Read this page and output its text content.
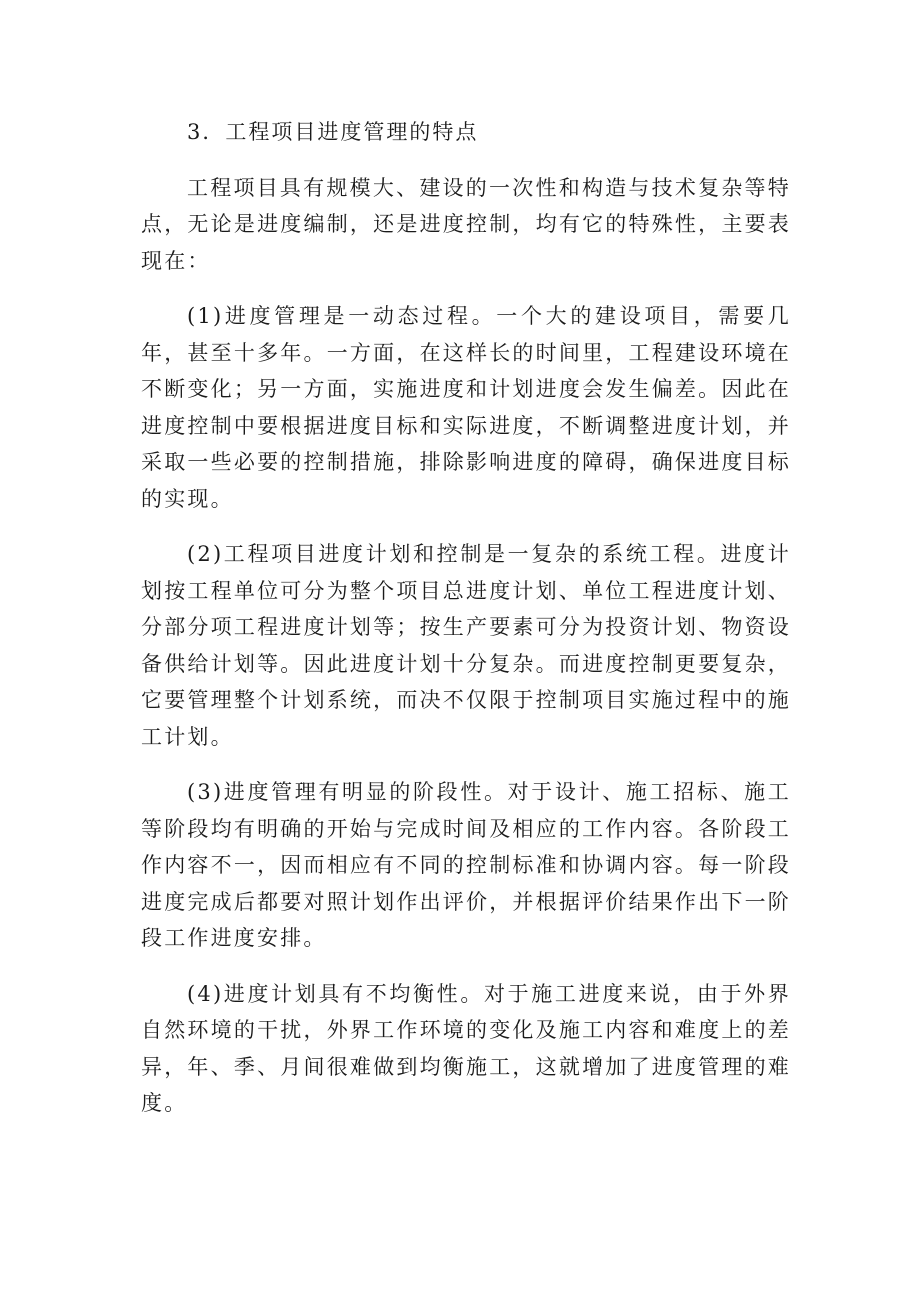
3．工程项目进度管理的特点

工程项目具有规模大、建设的一次性和构造与技术复杂等特点，无论是进度编制，还是进度控制，均有它的特殊性，主要表现在：

(1)进度管理是一动态过程。一个大的建设项目，需要几年，甚至十多年。一方面，在这样长的时间里，工程建设环境在不断变化；另一方面，实施进度和计划进度会发生偏差。因此在进度控制中要根据进度目标和实际进度，不断调整进度计划，并采取一些必要的控制措施，排除影响进度的障碍，确保进度目标的实现。

(2)工程项目进度计划和控制是一复杂的系统工程。进度计划按工程单位可分为整个项目总进度计划、单位工程进度计划、分部分项工程进度计划等；按生产要素可分为投资计划、物资设备供给计划等。因此进度计划十分复杂。而进度控制更要复杂，它要管理整个计划系统，而决不仅限于控制项目实施过程中的施工计划。

(3)进度管理有明显的阶段性。对于设计、施工招标、施工等阶段均有明确的开始与完成时间及相应的工作内容。各阶段工作内容不一，因而相应有不同的控制标准和协调内容。每一阶段进度完成后都要对照计划作出评价，并根据评价结果作出下一阶段工作进度安排。

(4)进度计划具有不均衡性。对于施工进度来说，由于外界自然环境的干扰，外界工作环境的变化及施工内容和难度上的差异，年、季、月间很难做到均衡施工，这就增加了进度管理的难度。
